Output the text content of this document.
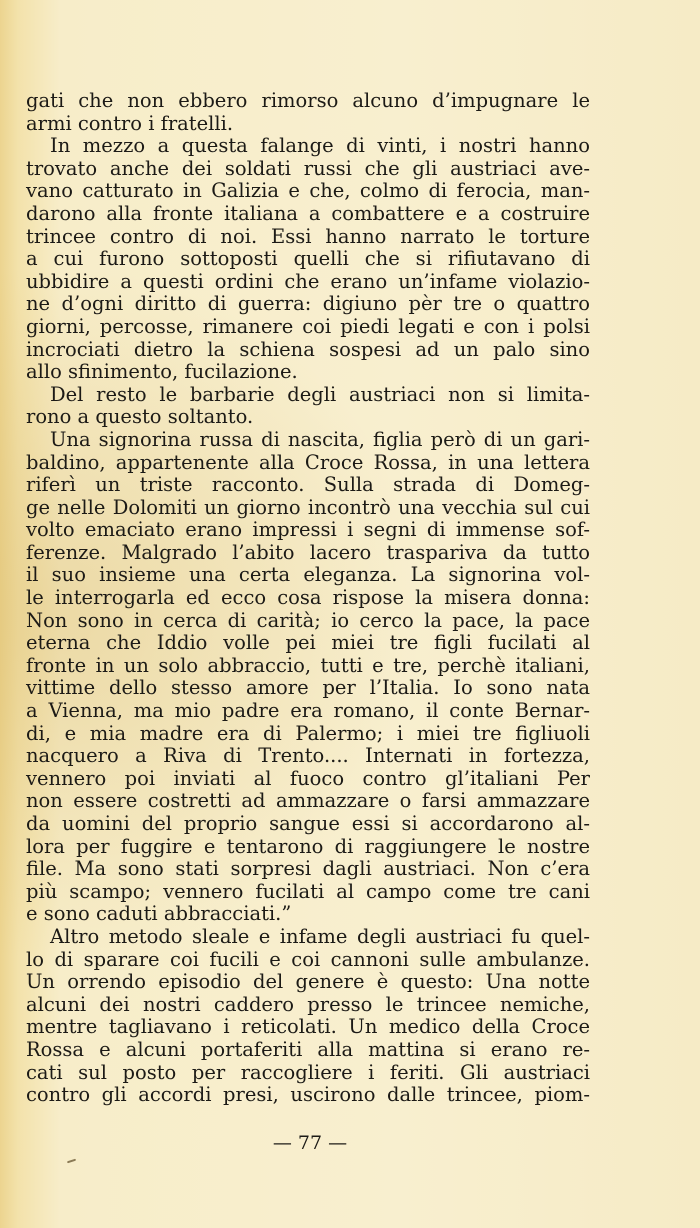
gati che non ebbero rimorso alcuno d’impugnare le
armi contro i fratelli.
In mezzo a questa falange di vinti, i nostri hanno
trovato anche dei soldati russi che gli austriaci ave-
vano catturato in Galizia e che, colmo di ferocia, man-
darono alla fronte italiana a combattere e a costruire
trincee contro di noi. Essi hanno narrato le torture
a cui furono sottoposti quelli che si rifiutavano di
ubbidire a questi ordini che erano un’infame violazio-
ne d’ogni diritto di guerra: digiuno pèr tre o quattro
giorni, percosse, rimanere coi piedi legati e con i polsi
incrociati dietro la schiena sospesi ad un palo sino
allo sfinimento, fucilazione.
Del resto le barbarie degli austriaci non si limita-
rono a questo soltanto.
Una signorina russa di nascita, figlia però di un gari-
baldino, appartenente alla Croce Rossa, in una lettera
riferì un triste racconto. Sulla strada di Domeg-
ge nelle Dolomiti un giorno incontrò una vecchia sul cui
volto emaciato erano impressi i segni di immense sof-
ferenze. Malgrado l’abito lacero traspariva da tutto
il suo insieme una certa eleganza. La signorina vol-
le interrogarla ed ecco cosa rispose la misera donna:
Non sono in cerca di carità; io cerco la pace, la pace
eterna che Iddio volle pei miei tre figli fucilati al
fronte in un solo abbraccio, tutti e tre, perchè italiani,
vittime dello stesso amore per l’Italia. Io sono nata
a Vienna, ma mio padre era romano, il conte Bernar-
di, e mia madre era di Palermo; i miei tre figliuoli
nacquero a Riva di Trento.... Internati in fortezza,
vennero poi inviati al fuoco contro gl’italiani Per
non essere costretti ad ammazzare o farsi ammazzare
da uomini del proprio sangue essi si accordarono al-
lora per fuggire e tentarono di raggiungere le nostre
file. Ma sono stati sorpresi dagli austriaci. Non c’era
più scampo; vennero fucilati al campo come tre cani
e sono caduti abbracciati.”
Altro metodo sleale e infame degli austriaci fu quel-
lo di sparare coi fucili e coi cannoni sulle ambulanze.
Un orrendo episodio del genere è questo: Una notte
alcuni dei nostri caddero presso le trincee nemiche,
mentre tagliavano i reticolati. Un medico della Croce
Rossa e alcuni portaferiti alla mattina si erano re-
cati sul posto per raccogliere i feriti. Gli austriaci
contro gli accordi presi, uscirono dalle trincee, piom-
— 77 —
